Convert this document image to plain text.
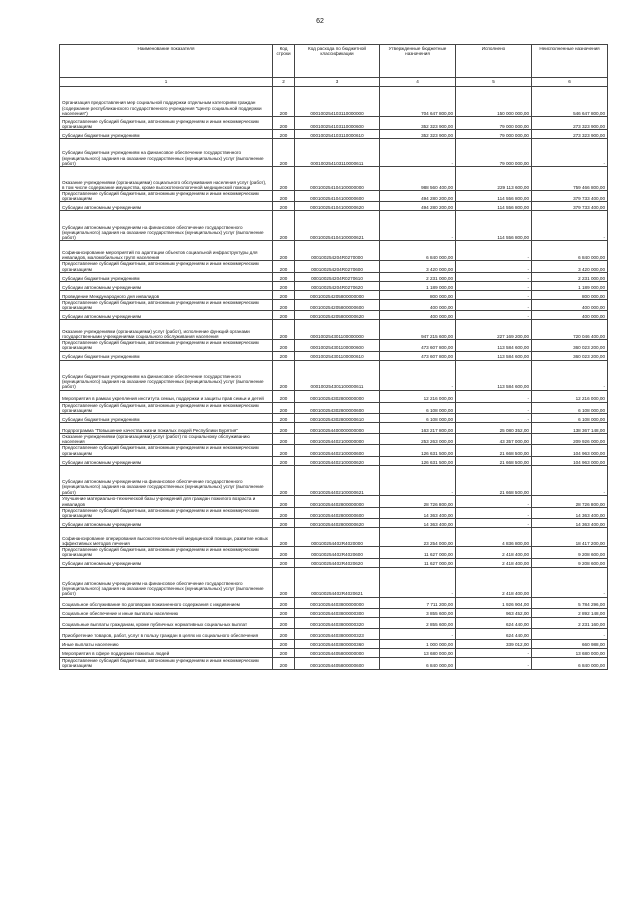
62
Наименование показателя	Код строки	Код расхода по бюджетной классификации	Утвержденные бюджетные назначения	Исполнено	Неисполненные назначения
1	2	3	4	5	6
Организация предоставления мер социальной поддержки отдельным категориям граждан (содержание республиканского государственного учреждения "Центр социальной поддержки населения")	200	000100254103110000000	704 647 800,00	150 000 000,00	546 647 800,00
Предоставление субсидий бюджетным, автономным учреждениям и иным некоммерческим организациям	200	000100254103110000600	352 323 900,00	79 000 000,00	273 323 900,00
Субсидии бюджетным учреждениям	200	000100254103110000610	352 323 900,00	79 000 000,00	273 323 900,00
Субсидии бюджетным учреждениям на финансовое обеспечение государственного (муниципального) задания на оказание государственных (муниципальных) услуг (выполнение работ)	200	000100254103110000611	-	79 000 000,00	-
Оказание учреждениями (организациями) социального обслуживания населения услуг (работ), в том числе содержание имущества, кроме высокотехнологичной медицинской помощи	200	000100254104100000000	988 560 400,00	229 113 600,00	759 466 800,00
Предоставление субсидий бюджетным, автономным учреждениям и иным некоммерческим организациям	200	000100254104100000600	494 280 200,00	114 556 800,00	379 733 400,00
Субсидии автономным учреждениям	200	000100254104100000620	494 280 200,00	114 556 800,00	379 733 400,00
Субсидии автономным учреждениям на финансовое обеспечение государственного (муниципального) задания на оказание государственных (муниципальных) услуг (выполнение работ)	200	000100254104100000621	-	114 556 800,00	-
Софинансирование мероприятий по адаптации объектов социальной инфраструктуры для инвалидов, маломобильных групп населения	200	000100254204R0270000	6 840 000,00	-	6 840 000,00
Предоставление субсидий бюджетным, автономным учреждениям и иным некоммерческим организациям	200	000100254204R0270600	3 420 000,00	-	3 420 000,00
Субсидии бюджетным учреждениям	200	000100254204R0270610	2 231 000,00	-	2 231 000,00
Субсидии автономным учреждениям	200	000100254204R0270620	1 189 000,00	-	1 189 000,00
Проведение Международного дня инвалидов	200	000100254205800000000	800 000,00	-	800 000,00
Предоставление субсидий бюджетным, автономным учреждениям и иным некоммерческим организациям	200	000100254205800000600	400 000,00	-	400 000,00
Субсидии автономным учреждениям	200	000100254205800000620	400 000,00	-	400 000,00
Оказание учреждениями (организациями) услуг (работ), исполнение функций органами государственными учреждениями социального обслуживания населения	200	000100254301100000000	947 215 600,00	227 169 200,00	720 046 400,00
Предоставление субсидий бюджетным, автономным учреждениям и иным некоммерческим организациям	200	000100254301100000600	473 607 800,00	113 584 600,00	360 023 200,00
Субсидии бюджетным учреждениям	200	000100254301100000610	473 607 800,00	113 584 600,00	360 023 200,00
Субсидии бюджетным учреждениям на финансовое обеспечение государственного (муниципального) задания на оказание государственных (муниципальных) услуг (выполнение работ)	200	000100254301100000611	-	113 584 600,00	-
Мероприятия в рамках укрепления института семьи, поддержки и защиты прав семьи и детей	200	000100254302800000000	12 216 000,00	-	12 216 000,00
Предоставление субсидий бюджетным, автономным учреждениям и иным некоммерческим организациям	200	000100254302800000600	6 108 000,00	-	6 108 000,00
Субсидии бюджетным учреждениям	200	000100254302800000610	6 108 000,00	-	6 108 000,00
Подпрограмма "Повышение качества жизни пожилых людей Республики Бурятия"	200	000100254400000000000	163 217 800,00	25 080 352,00	138 367 148,00
Оказание учреждениями (организациями) услуг (работ) по социальному обслуживанию населения	200	000100254402100000000	253 263 000,00	43 357 000,00	209 926 000,00
Предоставление субсидий бюджетным, автономным учреждениям и иным некоммерческим организациям	200	000100254402100000600	126 631 500,00	21 668 500,00	104 963 000,00
Субсидии автономным учреждениям	200	000100254402100000620	126 631 500,00	21 668 500,00	104 963 000,00
Субсидии автономным учреждениям на финансовое обеспечение государственного (муниципального) задания на оказание государственных (муниципальных) услуг (выполнение работ)	200	000100254402100000621	-	21 668 500,00	-
Улучшение материально-технической базы учреждений для граждан пожилого возраста и инвалидов	200	000100254402800000000	28 726 800,00	-	28 726 800,00
Предоставление субсидий бюджетным, автономным учреждениям и иным некоммерческим организациям	200	000100254402800000600	14 363 400,00	-	14 363 400,00
Субсидии автономным учреждениям	200	000100254402800000620	14 363 400,00	-	14 363 400,00
Софинансирование оперирования высокотехнологичной медицинской помощи, развитие новых эффективных методов лечения	200	000100254402R4020000	23 254 000,00	4 836 800,00	18 417 200,00
Предоставление субсидий бюджетным, автономным учреждениям и иным некоммерческим организациям	200	000100254402R4020600	11 627 000,00	2 418 400,00	9 208 600,00
Субсидии автономным учреждениям	200	000100254402R4020620	11 627 000,00	2 418 400,00	9 208 600,00
Субсидии автономным учреждениям на финансовое обеспечение государственного (муниципального) задания на оказание государственных (муниципальных) услуг (выполнение работ)	200	000100254402R4020621	-	2 418 400,00	-
Социальное обслуживание по договорам пожизненного содержания с иждивением	200	000100254403800000000	7 711 200,00	1 926 904,00	5 784 296,00
Социальное обеспечение и иные выплаты населению	200	000100254403800000300	3 855 600,00	963 452,00	2 892 148,00
Социальные выплаты гражданам, кроме публичных нормативных социальных выплат	200	000100254403800000320	2 855 600,00	624 440,00	2 231 160,00
Приобретение товаров, работ, услуг в пользу граждан в целях их социального обеспечения	200	000100254403800000323	-	624 440,00	-
Иные выплаты населению	200	000100254403800000360	1 000 000,00	339 012,00	660 988,00
Мероприятия в сфере поддержки пожилых людей	200	000100254405800000000	13 680 000,00	-	13 680 000,00
Предоставление субсидий бюджетным, автономным учреждениям и иным некоммерческим организациям	200	000100254405800000600	6 840 000,00	-	6 840 000,00
